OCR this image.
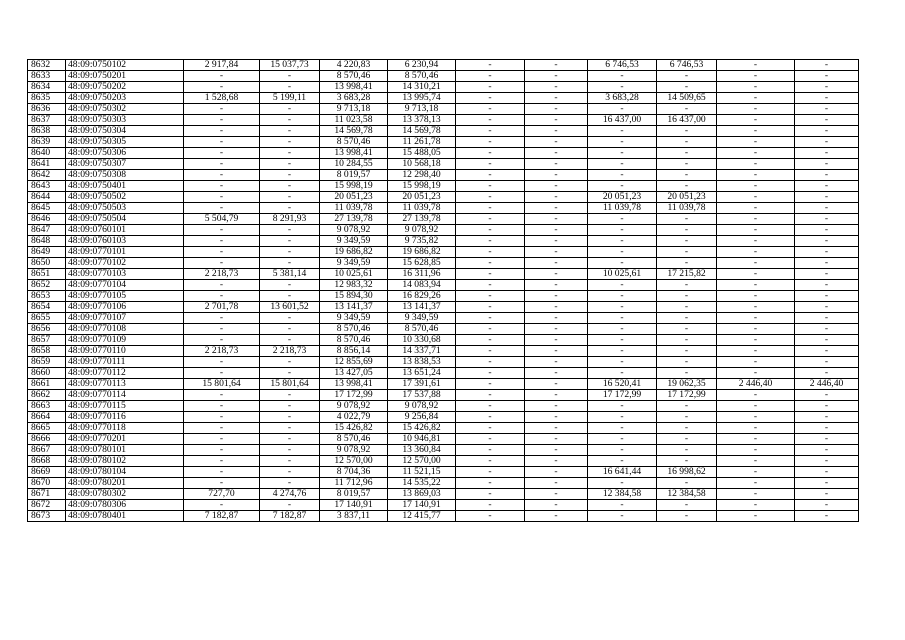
8632	48:09:0750102	2 917,84	15 037,73	4 220,83	6 230,94	-	-	6 746,53	6 746,53	-	-
8633	48:09:0750201	-	-	8 570,46	8 570,46	-	-	-	-	-	-
8634	48:09:0750202	-	-	13 998,41	14 310,21	-	-	-	-	-	-
8635	48:09:0750203	1 528,68	5 199,11	3 683,28	13 995,74	-	-	3 683,28	14 509,65	-	-
8636	48:09:0750302	-	-	9 713,18	9 713,18	-	-	-	-	-	-
8637	48:09:0750303	-	-	11 023,58	13 378,13	-	-	16 437,00	16 437,00	-	-
8638	48:09:0750304	-	-	14 569,78	14 569,78	-	-	-	-	-	-
8639	48:09:0750305	-	-	8 570,46	11 261,78	-	-	-	-	-	-
8640	48:09:0750306	-	-	13 998,41	15 488,05	-	-	-	-	-	-
8641	48:09:0750307	-	-	10 284,55	10 568,18	-	-	-	-	-	-
8642	48:09:0750308	-	-	8 019,57	12 298,40	-	-	-	-	-	-
8643	48:09:0750401	-	-	15 998,19	15 998,19	-	-	-	-	-	-
8644	48:09:0750502	-	-	20 051,23	20 051,23	-	-	20 051,23	20 051,23	-	-
8645	48:09:0750503	-	-	11 039,78	11 039,78	-	-	11 039,78	11 039,78	-	-
8646	48:09:0750504	5 504,79	8 291,93	27 139,78	27 139,78	-	-	-	-	-	-
8647	48:09:0760101	-	-	9 078,92	9 078,92	-	-	-	-	-	-
8648	48:09:0760103	-	-	9 349,59	9 735,82	-	-	-	-	-	-
8649	48:09:0770101	-	-	19 686,82	19 686,82	-	-	-	-	-	-
8650	48:09:0770102	-	-	9 349,59	15 628,85	-	-	-	-	-	-
8651	48:09:0770103	2 218,73	5 381,14	10 025,61	16 311,96	-	-	10 025,61	17 215,82	-	-
8652	48:09:0770104	-	-	12 983,32	14 083,94	-	-	-	-	-	-
8653	48:09:0770105	-	-	15 894,30	16 829,26	-	-	-	-	-	-
8654	48:09:0770106	2 701,78	13 601,52	13 141,37	13 141,37	-	-	-	-	-	-
8655	48:09:0770107	-	-	9 349,59	9 349,59	-	-	-	-	-	-
8656	48:09:0770108	-	-	8 570,46	8 570,46	-	-	-	-	-	-
8657	48:09:0770109	-	-	8 570,46	10 330,68	-	-	-	-	-	-
8658	48:09:0770110	2 218,73	2 218,73	8 856,14	14 337,71	-	-	-	-	-	-
8659	48:09:0770111	-	-	12 855,69	13 838,53	-	-	-	-	-	-
8660	48:09:0770112	-	-	13 427,05	13 651,24	-	-	-	-	-	-
8661	48:09:0770113	15 801,64	15 801,64	13 998,41	17 391,61	-	-	16 520,41	19 062,35	2 446,40	2 446,40
8662	48:09:0770114	-	-	17 172,99	17 537,88	-	-	17 172,99	17 172,99	-	-
8663	48:09:0770115	-	-	9 078,92	9 078,92	-	-	-	-	-	-
8664	48:09:0770116	-	-	4 022,79	9 256,84	-	-	-	-	-	-
8665	48:09:0770118	-	-	15 426,82	15 426,82	-	-	-	-	-	-
8666	48:09:0770201	-	-	8 570,46	10 946,81	-	-	-	-	-	-
8667	48:09:0780101	-	-	9 078,92	13 360,84	-	-	-	-	-	-
8668	48:09:0780102	-	-	12 570,00	12 570,00	-	-	-	-	-	-
8669	48:09:0780104	-	-	8 704,36	11 521,15	-	-	16 641,44	16 998,62	-	-
8670	48:09:0780201	-	-	11 712,96	14 535,22	-	-	-	-	-	-
8671	48:09:0780302	727,70	4 274,76	8 019,57	13 869,03	-	-	12 384,58	12 384,58	-	-
8672	48:09:0780306	-	-	17 140,91	17 140,91	-	-	-	-	-	-
8673	48:09:0780401	7 182,87	7 182,87	3 837,11	12 415,77	-	-	-	-	-	-
